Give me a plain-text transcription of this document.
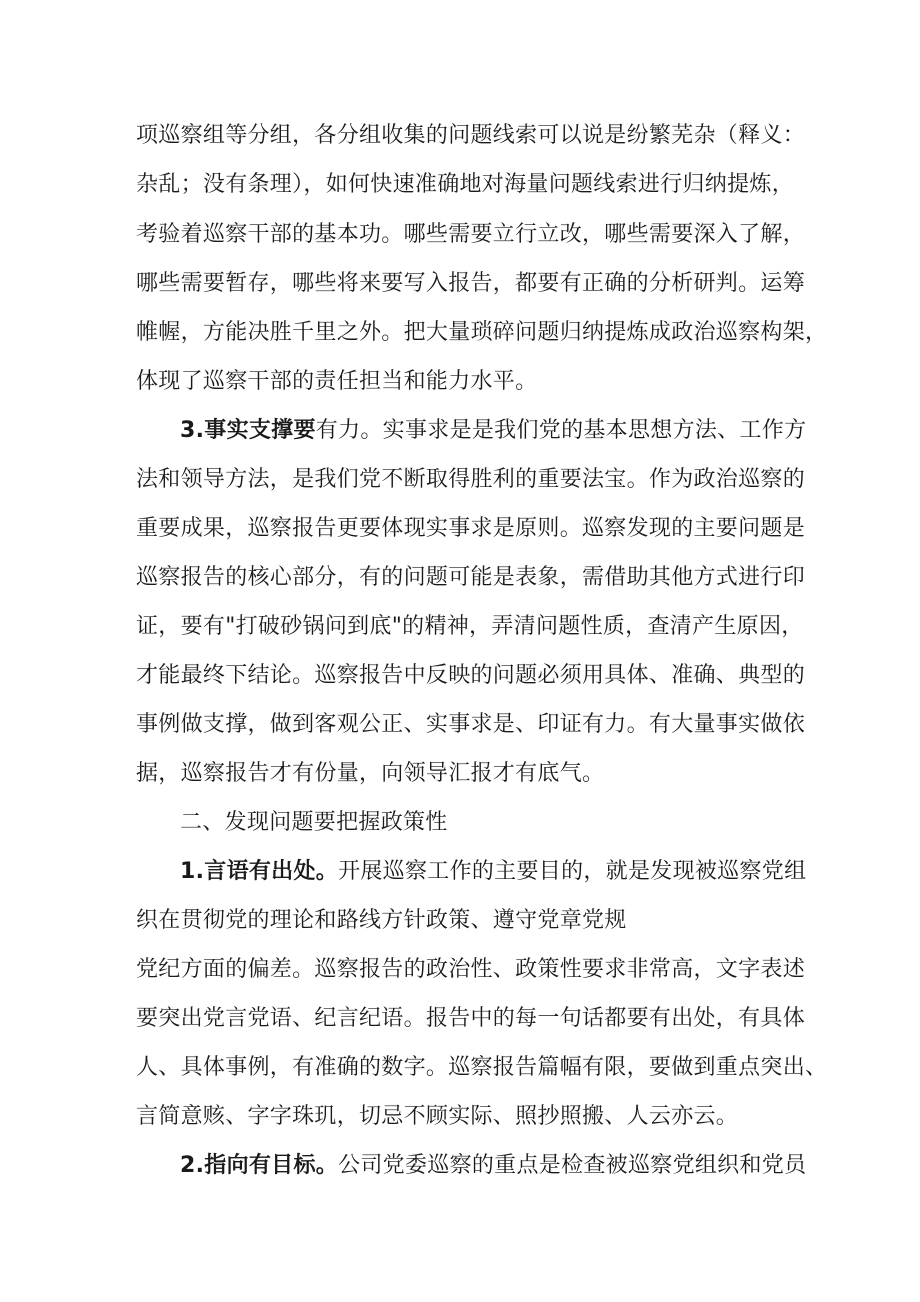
项巡察组等分组，各分组收集的问题线索可以说是纷繁芜杂（释义：
杂乱；没有条理），如何快速准确地对海量问题线索进行归纳提炼，
考验着巡察干部的基本功。哪些需要立行立改，哪些需要深入了解，
哪些需要暂存，哪些将来要写入报告，都要有正确的分析研判。运筹
帷幄，方能决胜千里之外。把大量琐碎问题归纳提炼成政治巡察构架，
体现了巡察干部的责任担当和能力水平。
3.事实支撑要有力。实事求是是我们党的基本思想方法、工作方
法和领导方法，是我们党不断取得胜利的重要法宝。作为政治巡察的
重要成果，巡察报告更要体现实事求是原则。巡察发现的主要问题是
巡察报告的核心部分，有的问题可能是表象，需借助其他方式进行印
证，要有"打破砂锅问到底"的精神，弄清问题性质，查清产生原因，
才能最终下结论。巡察报告中反映的问题必须用具体、准确、典型的
事例做支撑，做到客观公正、实事求是、印证有力。有大量事实做依
据，巡察报告才有份量，向领导汇报才有底气。
二、发现问题要把握政策性
1.言语有出处。开展巡察工作的主要目的，就是发现被巡察党组
织在贯彻党的理论和路线方针政策、遵守党章党规
党纪方面的偏差。巡察报告的政治性、政策性要求非常高，文字表述
要突出党言党语、纪言纪语。报告中的每一句话都要有出处，有具体
人、具体事例，有准确的数字。巡察报告篇幅有限，要做到重点突出、
言简意赅、字字珠玑，切忌不顾实际、照抄照搬、人云亦云。
2.指向有目标。公司党委巡察的重点是检查被巡察党组织和党员
